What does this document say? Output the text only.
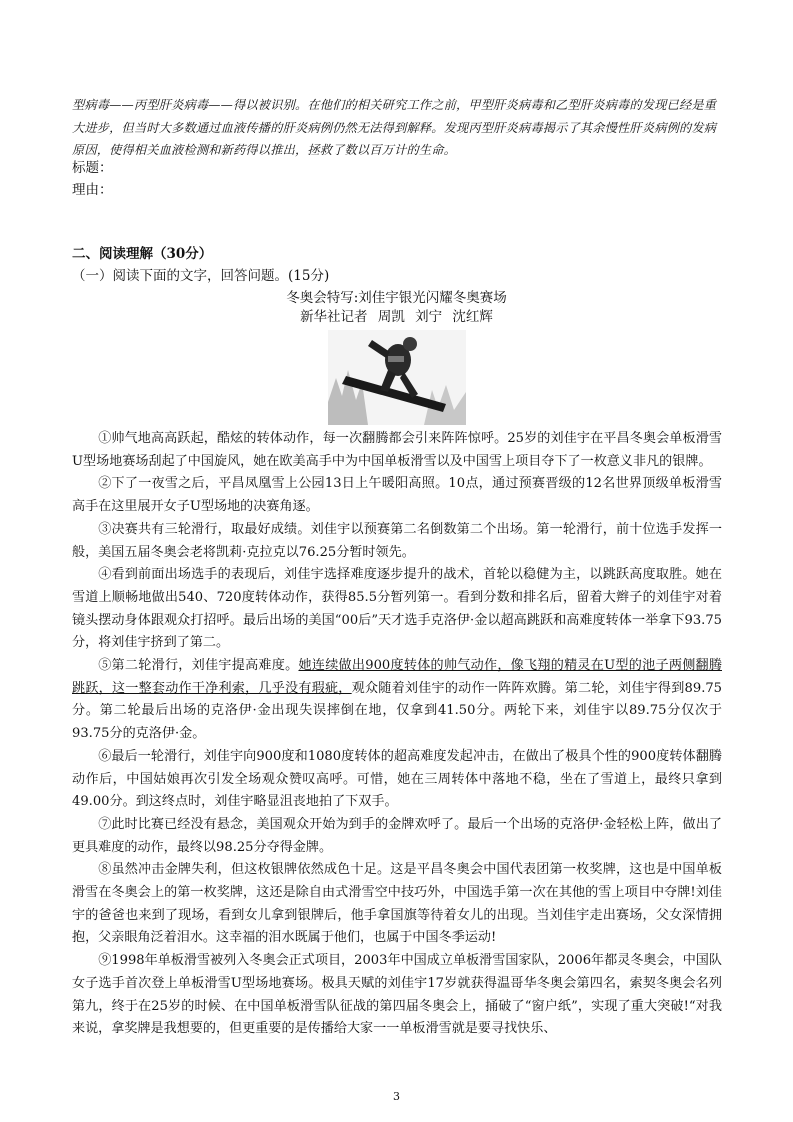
型病毒——丙型肝炎病毒——得以被识别。在他们的相关研究工作之前，甲型肝炎病毒和乙型肝炎病毒的发现已经是重大进步，但当时大多数通过血液传播的肝炎病例仍然无法得到解释。发现丙型肝炎病毒揭示了其余慢性肝炎病例的发病原因，使得相关血液检测和新药得以推出，拯救了数以百万计的生命。
标题：
理由：
二、阅读理解（30分）
（一）阅读下面的文字，回答问题。(15分)
冬奥会特写:刘佳宇银光闪耀冬奥赛场
新华社记者 周凯 刘宁 沈红辉

①帅气地高高跃起，酷炫的转体动作，每一次翻腾都会引来阵阵惊呼。25岁的刘佳宇在平昌冬奥会单板滑雪U型场地赛场刮起了中国旋风，她在欧美高手中为中国单板滑雪以及中国雪上项目夺下了一枚意义非凡的银牌。

②下了一夜雪之后，平昌凤凰雪上公园13日上午暖阳高照。10点，通过预赛晋级的12名世界顶级单板滑雪高手在这里展开女子U型场地的决赛角逐。

③决赛共有三轮滑行，取最好成绩。刘佳宇以预赛第二名倒数第二个出场。第一轮滑行，前十位选手发挥一般，美国五届冬奥会老将凯莉·克拉克以76.25分暂时领先。

④看到前面出场选手的表现后，刘佳宇选择难度逐步提升的战术，首轮以稳健为主，以跳跃高度取胜。她在雪道上顺畅地做出540、720度转体动作，获得85.5分暂列第一。看到分数和排名后，留着大辫子的刘佳宇对着镜头摆动身体跟观众打招呼。最后出场的美国“00后”天才选手克洛伊·金以超高跳跃和高难度转体一举拿下93.75分，将刘佳宇挤到了第二。

⑤第二轮滑行，刘佳宇提高难度。她连续做出900度转体的帅气动作，像飞翔的精灵在U型的池子两侧翻腾跳跃，这一整套动作干净利索，几乎没有瑕疵，观众随着刘佳宇的动作一阵阵欢腾。第二轮，刘佳宇得到89.75分。第二轮最后出场的克洛伊·金出现失误摔倒在地，仅拿到41.50分。两轮下来，刘佳宇以89.75分仅次于93.75分的克洛伊·金。

⑥最后一轮滑行，刘佳宇向900度和1080度转体的超高难度发起冲击，在做出了极具个性的900度转体翻腾动作后，中国姑娘再次引发全场观众赞叹高呼。可惜，她在三周转体中落地不稳，坐在了雪道上，最终只拿到49.00分。到这终点时，刘佳宇略显沮丧地拍了下双手。

⑦此时比赛已经没有悬念，美国观众开始为到手的金牌欢呼了。最后一个出场的克洛伊·金轻松上阵，做出了更具难度的动作，最终以98.25分夺得金牌。

⑧虽然冲击金牌失利，但这枚银牌依然成色十足。这是平昌冬奥会中国代表团第一枚奖牌，这也是中国单板滑雪在冬奥会上的第一枚奖牌，这还是除自由式滑雪空中技巧外，中国选手第一次在其他的雪上项目中夺牌!刘佳宇的爸爸也来到了现场，看到女儿拿到银牌后，他手拿国旗等待着女儿的出现。当刘佳宇走出赛场，父女深情拥抱，父亲眼角泛着泪水。这幸福的泪水既属于他们，也属于中国冬季运动!

⑨1998年单板滑雪被列入冬奥会正式项目，2003年中国成立单板滑雪国家队，2006年都灵冬奥会，中国队女子选手首次登上单板滑雪U型场地赛场。极具天赋的刘佳宇17岁就获得温哥华冬奥会第四名，索契冬奥会名列第九，终于在25岁的时候、在中国单板滑雪队征战的第四届冬奥会上，捅破了“窗户纸”，实现了重大突破!“对我来说，拿奖牌是我想要的，但更重要的是传播给大家一一单板滑雪就是要寻找快乐、

3
